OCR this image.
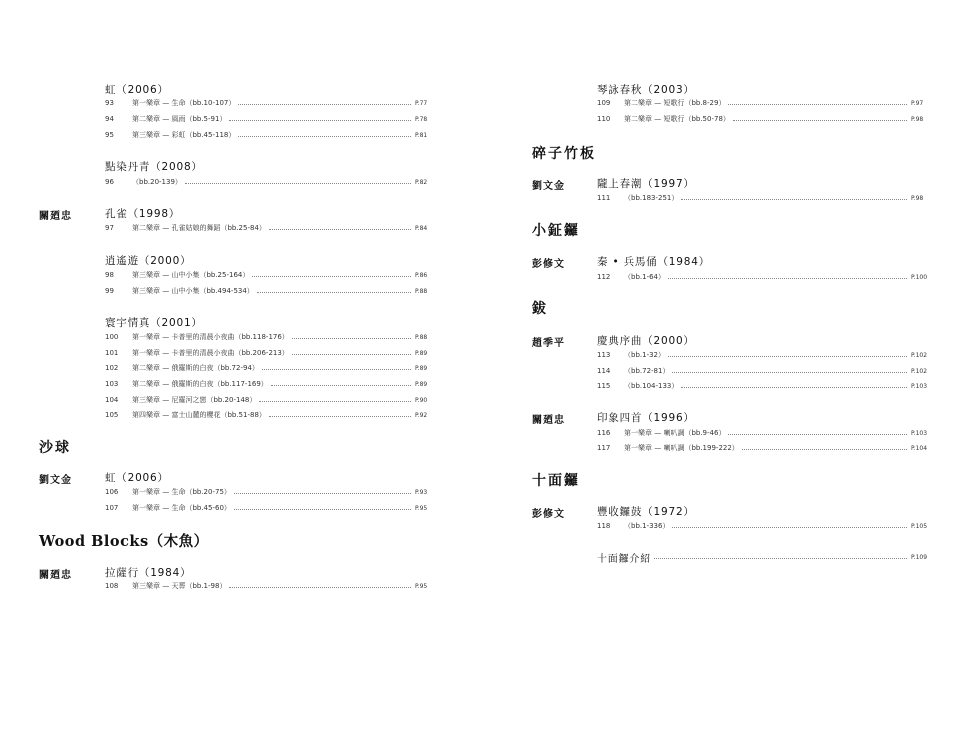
虹（2006）
93	第一樂章 — 生命（bb.10-107）	P.77
94	第二樂章 — 風雨（bb.5-91）	P.78
95	第三樂章 — 彩虹（bb.45-118）	P.81
點染丹青（2008）
96	（bb.20-139）	P.82
關廼忠	孔雀（1998）
97	第二樂章 — 孔雀姑娘的舞蹈（bb.25-84）	P.84
逍遙遊（2000）
98	第三樂章 — 山中小集（bb.25-164）	P.86
99	第三樂章 — 山中小集（bb.494-534）	P.88
寰宇情真（2001）
100	第一樂章 — 卡普里的清晨小夜曲（bb.118-176）	P.88
101	第一樂章 — 卡普里的清晨小夜曲（bb.206-213）	P.89
102	第二樂章 — 俄羅斯的白夜（bb.72-94）	P.89
103	第二樂章 — 俄羅斯的白夜（bb.117-169）	P.89
104	第三樂章 — 尼羅河之戀（bb.20-148）	P.90
105	第四樂章 — 富士山麓的櫻花（bb.51-88）	P.92
沙球
劉文金	虹（2006）
106	第一樂章 — 生命（bb.20-75）	P.93
107	第一樂章 — 生命（bb.45-60）	P.95
Wood Blocks（木魚）
關廼忠	拉薩行（1984）
108	第三樂章 — 天葬（bb.1-98）	P.95
琴詠春秋（2003）
109	第二樂章 — 短歌行（bb.8-29）	P.97
110	第二樂章 — 短歌行（bb.50-78）	P.98
碎子竹板
劉文金	隴上春潮（1997）
111	（bb.183-251）	P.98
小鉦鑼
彭修文	秦 • 兵馬俑（1984）
112	（bb.1-64）	P.100
鈸
趙季平	慶典序曲（2000）
113	（bb.1-32）	P.102
114	（bb.72-81）	P.102
115	（bb.104-133）	P.103
關廼忠	印象四首（1996）
116	第一樂章 — 喇叭調（bb.9-46）	P.103
117	第一樂章 — 喇叭調（bb.199-222）	P.104
十面鑼
彭修文	豐收鑼鼓（1972）
118	（bb.1-336）	P.105
十面鑼介紹	P.109
